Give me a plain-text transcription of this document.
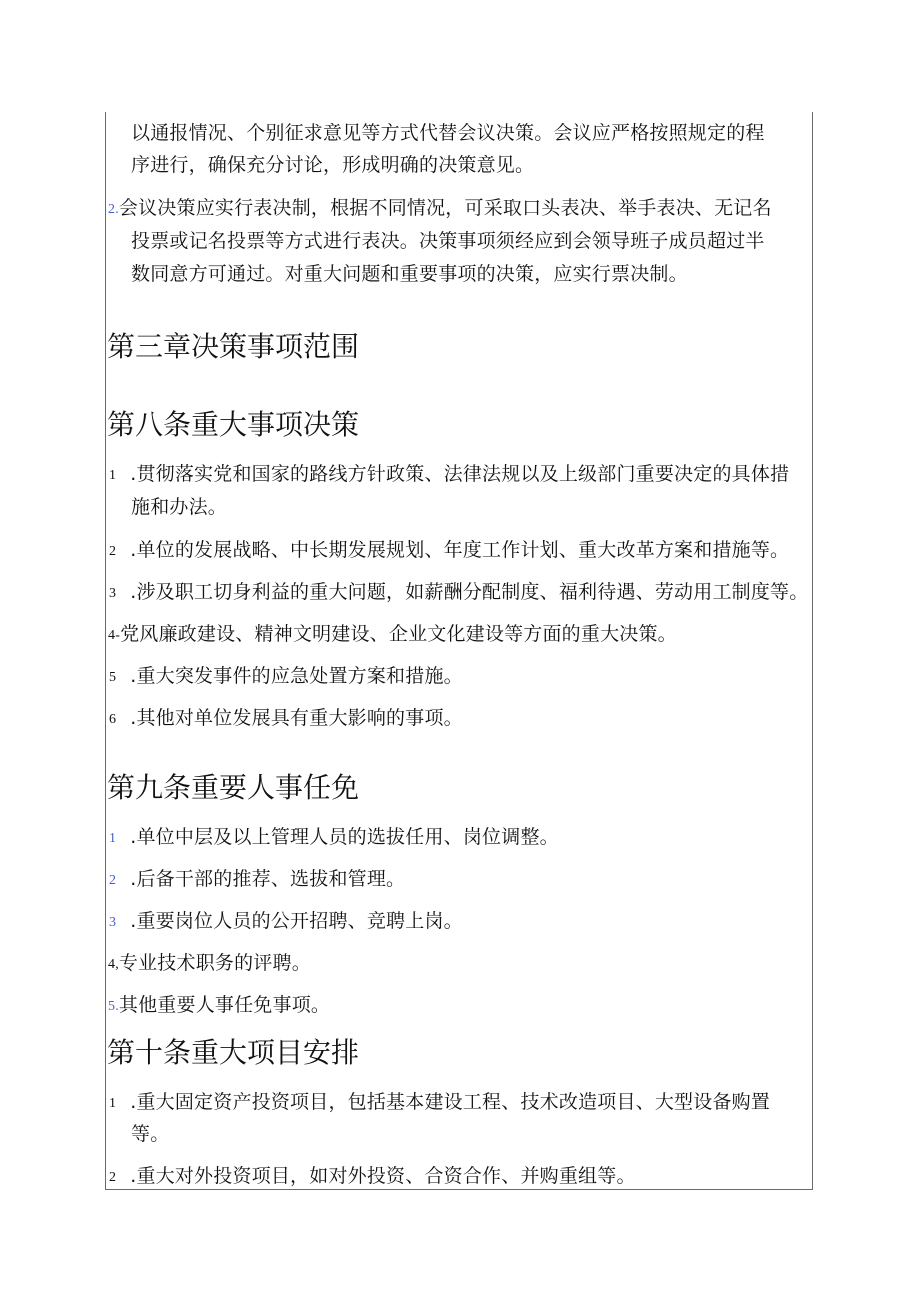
以通报情况、个别征求意见等方式代替会议决策。会议应严格按照规定的程
序进行，确保充分讨论，形成明确的决策意见。
2.会议决策应实行表决制，根据不同情况，可采取口头表决、举手表决、无记名
投票或记名投票等方式进行表决。决策事项须经应到会领导班子成员超过半
数同意方可通过。对重大问题和重要事项的决策，应实行票决制。
第三章决策事项范围
第八条重大事项决策
1 .贯彻落实党和国家的路线方针政策、法律法规以及上级部门重要决定的具体措
施和办法。
2 .单位的发展战略、中长期发展规划、年度工作计划、重大改革方案和措施等。
3 .涉及职工切身利益的重大问题，如薪酬分配制度、福利待遇、劳动用工制度等。
4-党风廉政建设、精神文明建设、企业文化建设等方面的重大决策。
5 .重大突发事件的应急处置方案和措施。
6 .其他对单位发展具有重大影响的事项。
第九条重要人事任免
1 .单位中层及以上管理人员的选拔任用、岗位调整。
2 .后备干部的推荐、选拔和管理。
3 .重要岗位人员的公开招聘、竞聘上岗。
4,专业技术职务的评聘。
5.其他重要人事任免事项。
第十条重大项目安排
1 .重大固定资产投资项目，包括基本建设工程、技术改造项目、大型设备购置
等。
2 .重大对外投资项目，如对外投资、合资合作、并购重组等。
